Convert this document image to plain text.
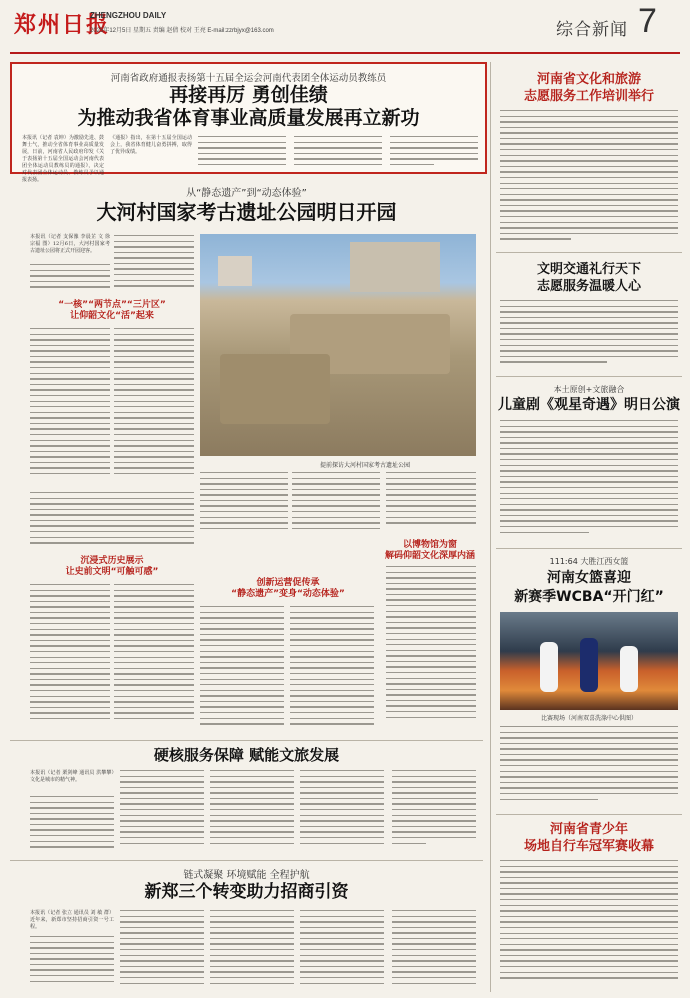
郑州日报
ZHENGZHOU DAILY
2025年12月5日 星期五 责编 赵倩 校对 王亮 E-mail:zzrbjyx@163.com	综合新闻 7
河南省政府通报表扬第十五届全运会河南代表团全体运动员教练员
再接再厉 勇创佳绩
为推动我省体育事业高质量发展再立新功
本报讯（记者 袁坤）为激励先进、鼓舞士气，推动全省体育事业高质量发展，日前，河南省人民政府印发《关于表扬第十五届全国运动会河南代表团全体运动员教练员的通报》，决定对代表团全体运动员、教练员予以通报表扬。
《通报》指出，在第十五届全国运动会上，我省体育健儿奋勇拼搏，取得了优异成绩。
从“静态遗产”到“动态体验”
大河村国家考古遗址公园明日开园
本报讯（记者 支保豫 李晨芷 文 徐宗福 图）12月6日，大河村国家考古遗址公园将正式开园迎客。
“一核”“两节点”“三片区”
让仰韶文化“活”起来
沉浸式历史展示
让史前文明“可触可感”
提前探访大河村国家考古遗址公园
以博物馆为窗
解码仰韶文化深厚内涵
创新运营促传承
“静态遗产”变身“动态体验”
硬核服务保障 赋能文旅发展
本报讯（记者 栗剑峰 通讯员 洪攀攀）文化是城市的精气神。
链式凝聚 环境赋能 全程护航
新郑三个转变助力招商引资
本报讯（记者 张立 通讯员 刘 敏 群）近年来，新郑市坚持招商引资一号工程。
河南省文化和旅游
志愿服务工作培训举行
文明交通礼行天下
志愿服务温暖人心
本土原创+文旅融合
儿童剧《观星奇遇》明日公演
111:64 大胜江西女篮
河南女篮喜迎
新赛季WCBA“开门红”
比赛现场（河南双喜洗涤中心供图）
河南省青少年
场地自行车冠军赛收幕
